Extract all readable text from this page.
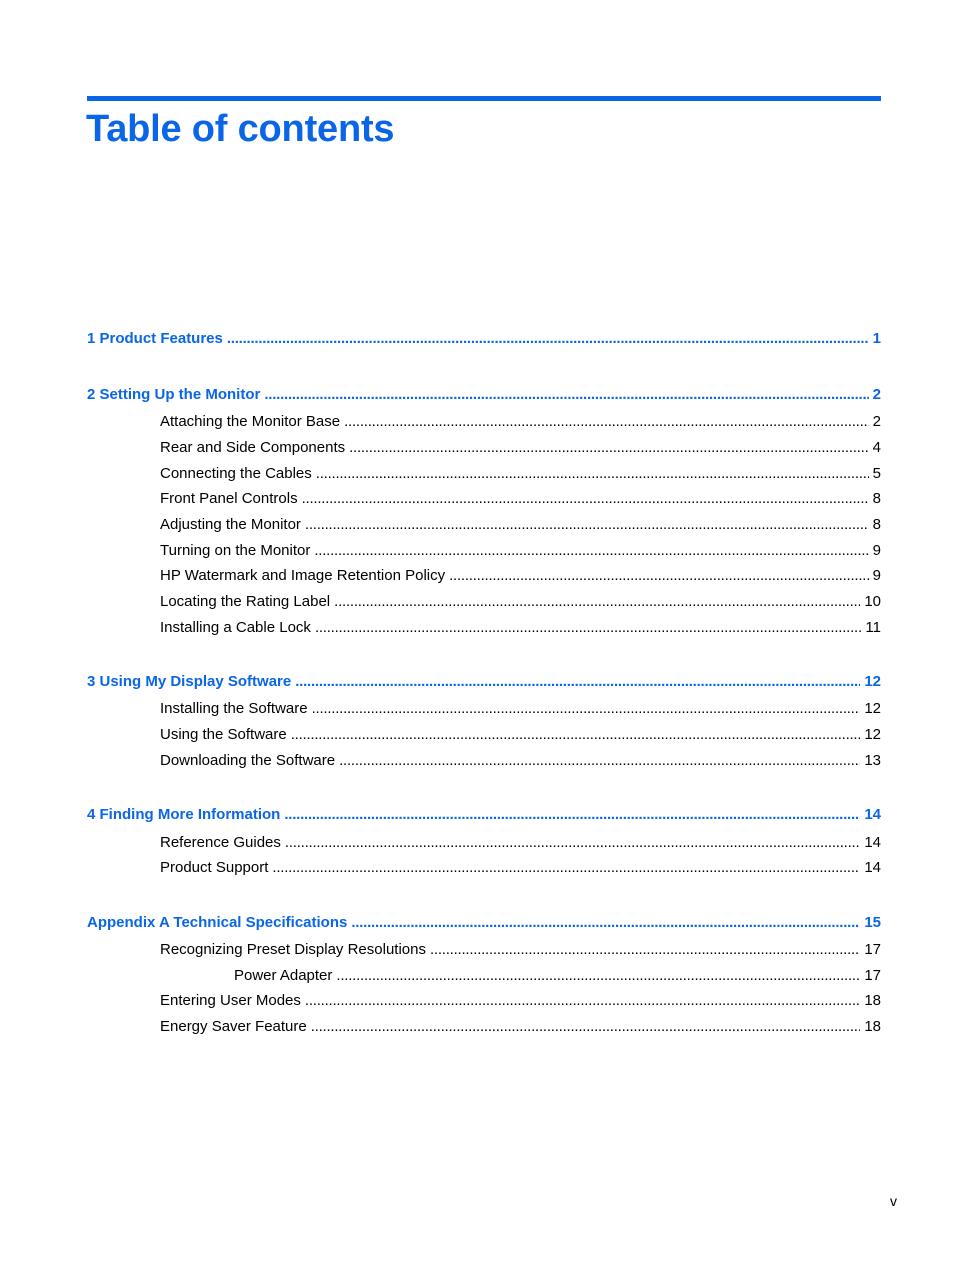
Table of contents
1 Product Features . . .	1
2 Setting Up the Monitor . . .	2
Attaching the Monitor Base . . .	2
Rear and Side Components . . .	4
Connecting the Cables . . .	5
Front Panel Controls . . .	8
Adjusting the Monitor . . .	8
Turning on the Monitor . . .	9
HP Watermark and Image Retention Policy . . .	9
Locating the Rating Label . . .	10
Installing a Cable Lock . . .	11
3 Using My Display Software . . .	12
Installing the Software . . .	12
Using the Software . . .	12
Downloading the Software . . .	13
4 Finding More Information . . .	14
Reference Guides . . .	14
Product Support . . .	14
Appendix A Technical Specifications . . .	15
Recognizing Preset Display Resolutions . . .	17
Power Adapter . . .	17
Entering User Modes . . .	18
Energy Saver Feature . . .	18
v
